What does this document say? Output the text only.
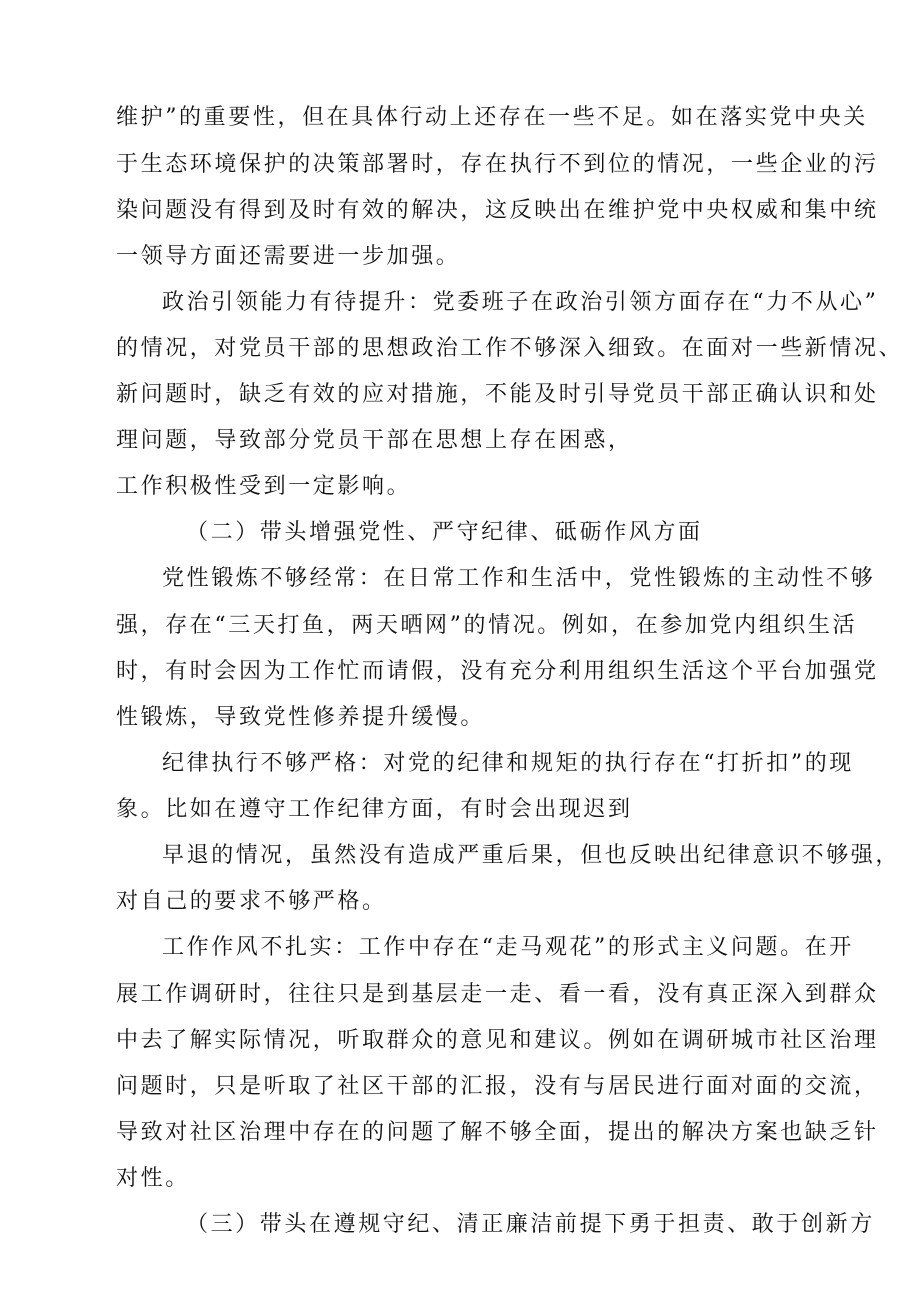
维护”的重要性，但在具体行动上还存在一些不足。如在落实党中央关
于生态环境保护的决策部署时，存在执行不到位的情况，一些企业的污
染问题没有得到及时有效的解决，这反映出在维护党中央权威和集中统
一领导方面还需要进一步加强。
政治引领能力有待提升：党委班子在政治引领方面存在“力不从心”
的情况，对党员干部的思想政治工作不够深入细致。在面对一些新情况、
新问题时，缺乏有效的应对措施，不能及时引导党员干部正确认识和处
理问题，导致部分党员干部在思想上存在困惑，
工作积极性受到一定影响。
（二）带头增强党性、严守纪律、砥砺作风方面
党性锻炼不够经常：在日常工作和生活中，党性锻炼的主动性不够
强，存在“三天打鱼，两天晒网”的情况。例如，在参加党内组织生活
时，有时会因为工作忙而请假，没有充分利用组织生活这个平台加强党
性锻炼，导致党性修养提升缓慢。
纪律执行不够严格：对党的纪律和规矩的执行存在“打折扣”的现
象。比如在遵守工作纪律方面，有时会出现迟到
早退的情况，虽然没有造成严重后果，但也反映出纪律意识不够强，
对自己的要求不够严格。
工作作风不扎实：工作中存在“走马观花”的形式主义问题。在开
展工作调研时，往往只是到基层走一走、看一看，没有真正深入到群众
中去了解实际情况，听取群众的意见和建议。例如在调研城市社区治理
问题时，只是听取了社区干部的汇报，没有与居民进行面对面的交流，
导致对社区治理中存在的问题了解不够全面，提出的解决方案也缺乏针
对性。
（三）带头在遵规守纪、清正廉洁前提下勇于担责、敢于创新方
